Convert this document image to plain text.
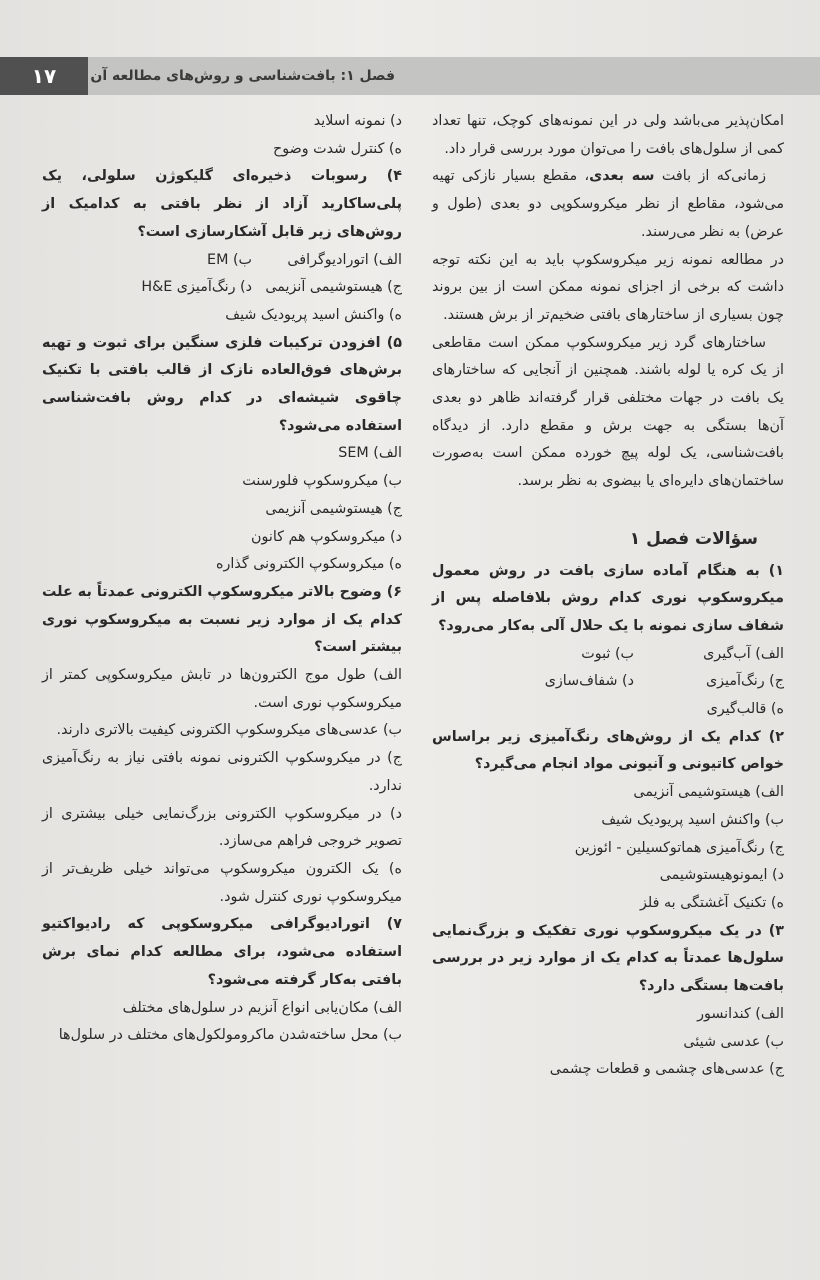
۱۷	فصل ۱: بافت‌شناسی و روش‌های مطالعه آن

امکان‌پذیر می‌باشد ولی در این نمونه‌های کوچک، تنها تعداد کمی از سلول‌های بافت را می‌توان مورد بررسی قرار داد.

زمانی‌که از بافت سه بعدی، مقطع بسیار نازکی تهیه می‌شود، مقاطع از نظر میکروسکوپی دو بعدی (طول و عرض) به نظر می‌رسند.

در مطالعه نمونه زیر میکروسکوپ باید به این نکته توجه داشت که برخی از اجزای نمونه ممکن است از بین بروند چون بسیاری از ساختارهای بافتی ضخیم‌تر از برش هستند.

ساختارهای گرد زیر میکروسکوپ ممکن است مقاطعی از یک کره یا لوله باشند. همچنین از آنجایی که ساختارهای یک بافت در جهات مختلفی قرار گرفته‌اند ظاهر دو بعدی آن‌ها بستگی به جهت برش و مقطع دارد. از دیدگاه بافت‌شناسی، یک لوله پیچ خورده ممکن است به‌صورت ساختمان‌های دایره‌ای یا بیضوی به نظر برسد.

سؤالات فصل ۱

۱) به هنگام آماده سازی بافت در روش معمول میکروسکوپ نوری کدام روش بلافاصله پس از شفاف سازی نمونه با یک حلال آلی به‌کار می‌رود؟

الف) آب‌گیری
ب) ثبوت
ج) رنگ‌آمیزی
د) شفاف‌سازی

ه) قالب‌گیری

۲) کدام یک از روش‌های رنگ‌آمیزی زیر براساس خواص کاتیونی و آنیونی مواد انجام می‌گیرد؟

الف) هیستوشیمی آنزیمی

ب) واکنش اسید پریودیک شیف

ج) رنگ‌آمیزی هماتوکسیلین - ائوزین

د) ایمونوهیستوشیمی

ه) تکنیک آغشتگی به فلز

۳) در یک میکروسکوپ نوری تفکیک و بزرگ‌نمایی سلول‌ها عمدتاً به کدام یک از موارد زیر در بررسی بافت‌ها بستگی دارد؟

الف) کندانسور

ب) عدسی شیئی

ج) عدسی‌های چشمی و قطعات چشمی

د) نمونه اسلاید

ه) کنترل شدت وضوح

۴) رسوبات ذخیره‌ای گلیکوژن سلولی، یک پلی‌ساکارید آزاد از نظر بافتی به کدامیک از روش‌های زیر قابل آشکارسازی است؟

الف) اتورادیوگرافی
ب) EM
ج) هیستوشیمی آنزیمی
د) رنگ‌آمیزی H&E

ه) واکنش اسید پریودیک شیف

۵) افزودن ترکیبات فلزی سنگین برای ثبوت و تهیه برش‌های فوق‌العاده نازک از قالب بافتی با تکنیک چاقوی شیشه‌ای در کدام روش بافت‌شناسی استفاده می‌شود؟

الف) SEM

ب) میکروسکوپ فلورسنت

ج) هیستوشیمی آنزیمی

د) میکروسکوپ هم کانون

ه) میکروسکوپ الکترونی گذاره

۶) وضوح بالاتر میکروسکوپ الکترونی عمدتاً به علت کدام یک از موارد زیر نسبت به میکروسکوپ نوری بیشتر است؟

الف) طول موج الکترون‌ها در تابش میکروسکوپی کمتر از میکروسکوپ نوری است.

ب) عدسی‌های میکروسکوپ الکترونی کیفیت بالاتری دارند.

ج) در میکروسکوپ الکترونی نمونه بافتی نیاز به رنگ‌آمیزی ندارد.

د) در میکروسکوپ الکترونی بزرگ‌نمایی خیلی بیشتری از تصویر خروجی فراهم می‌سازد.

ه) یک الکترون میکروسکوپ می‌تواند خیلی ظریف‌تر از میکروسکوپ نوری کنترل شود.

۷) اتورادیوگرافی میکروسکوپی که رادیواکتیو استفاده می‌شود، برای مطالعه کدام نمای برش بافتی به‌کار گرفته می‌شود؟

الف) مکان‌یابی انواع آنزیم در سلول‌های مختلف

ب) محل ساخته‌شدن ماکرومولکول‌های مختلف در سلول‌ها
